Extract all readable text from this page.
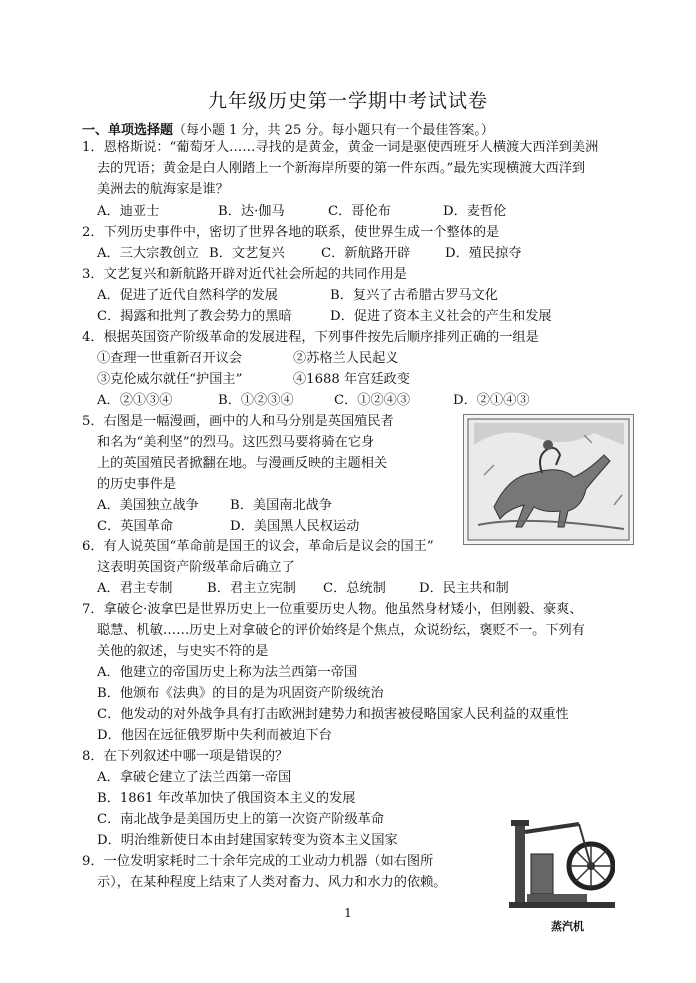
九年级历史第一学期中考试试卷
一、单项选择题（每小题 1 分，共 25 分。每小题只有一个最佳答案。）
1．恩格斯说：“葡萄牙人……寻找的是黄金，黄金一词是驱使西班牙人横渡大西洋到美洲
去的咒语；黄金是白人刚踏上一个新海岸所要的第一件东西。”最先实现横渡大西洋到
美洲去的航海家是谁？
A．迪亚士	B．达·伽马	C．哥伦布	D．麦哲伦
2．下列历史事件中，密切了世界各地的联系，使世界生成一个整体的是
A．三大宗教创立 B．文艺复兴	C．新航路开辟	D．殖民掠夺
3．文艺复兴和新航路开辟对近代社会所起的共同作用是
A．促进了近代自然科学的发展	B．复兴了古希腊古罗马文化
C．揭露和批判了教会势力的黑暗	D．促进了资本主义社会的产生和发展
4．根据英国资产阶级革命的发展进程，下列事件按先后顺序排列正确的一组是
①查理一世重新召开议会	②苏格兰人民起义
③克伦威尔就任“护国主”	④1688 年宫廷政变
A．②①③④	B．①②③④	C．①②④③	D．②①④③
5．右图是一幅漫画，画中的人和马分别是英国殖民者
和名为“美利坚”的烈马。这匹烈马要将骑在它身
上的英国殖民者掀翻在地。与漫画反映的主题相关
的历史事件是
A．美国独立战争 B．美国南北战争
C．英国革命	D．美国黑人民权运动
6．有人说英国“革命前是国王的议会，革命后是议会的国王”
这表明英国资产阶级革命后确立了
A．君主专制	B．君主立宪制 C．总统制	D．民主共和制
7．拿破仑·波拿巴是世界历史上一位重要历史人物。他虽然身材矮小，但刚毅、豪爽、
聪慧、机敏……历史上对拿破仑的评价始终是个焦点，众说纷纭，褒贬不一。下列有
关他的叙述，与史实不符的是
A．他建立的帝国历史上称为法兰西第一帝国
B．他颁布《法典》的目的是为巩固资产阶级统治
C．他发动的对外战争具有打击欧洲封建势力和损害被侵略国家人民利益的双重性
D．他因在远征俄罗斯中失利而被迫下台
8．在下列叙述中哪一项是错误的？
A．拿破仑建立了法兰西第一帝国
B．1861 年改革加快了俄国资本主义的发展
C．南北战争是美国历史上的第一次资产阶级革命
D．明治维新使日本由封建国家转变为资本主义国家
9．一位发明家耗时二十余年完成的工业动力机器（如右图所
示），在某种程度上结束了人类对畜力、风力和水力的依赖。
蒸汽机
1
